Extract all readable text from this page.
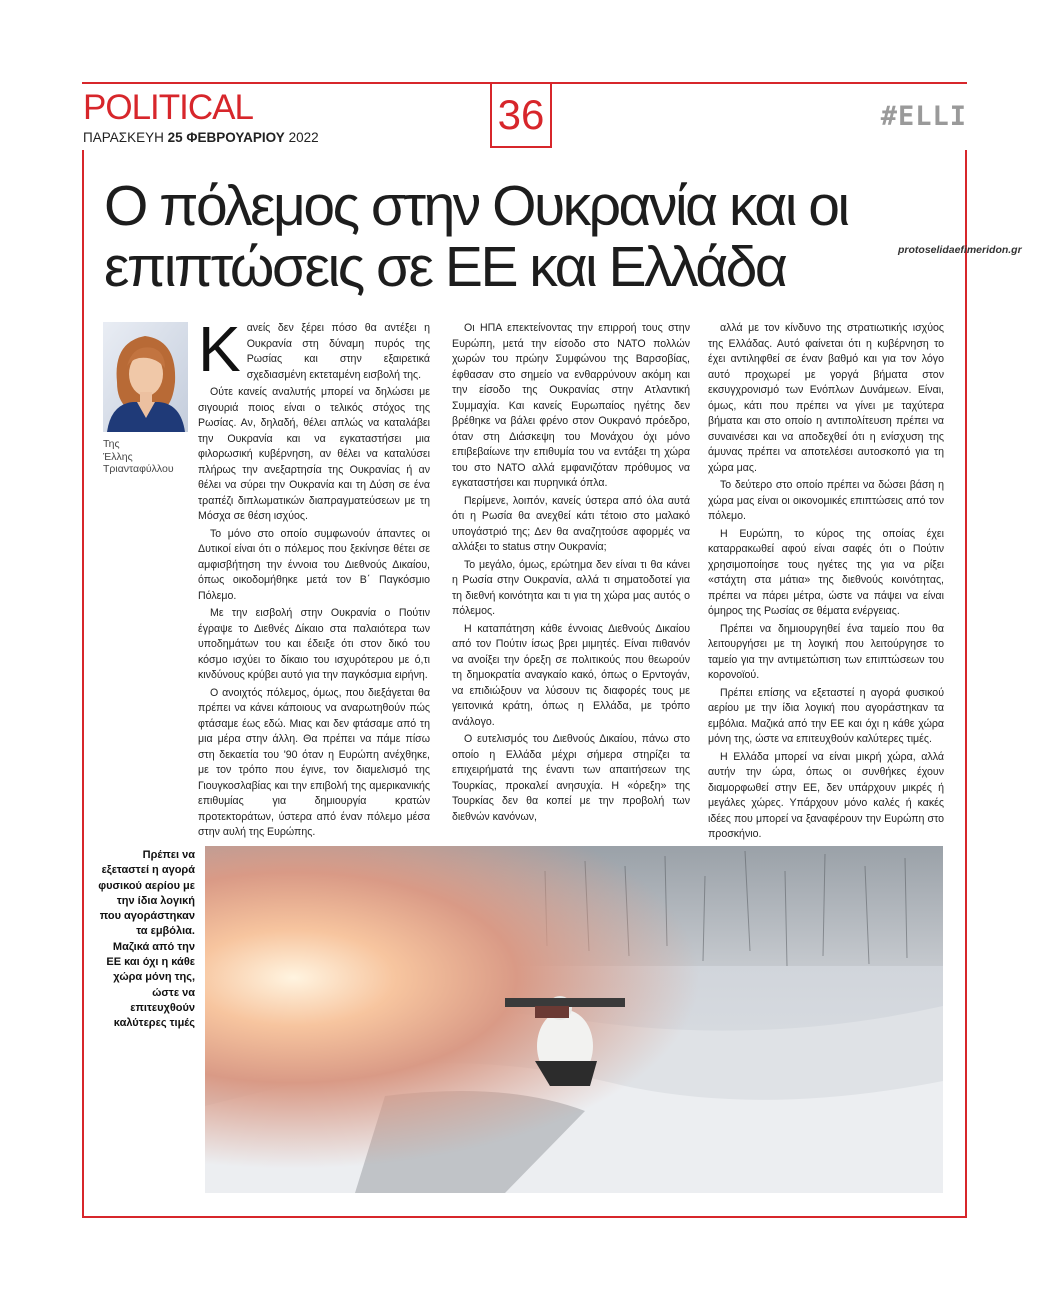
POLITICAL
ΠΑΡΑΣΚΕΥΗ 25 ΦΕΒΡΟΥΑΡΙΟΥ 2022	36	#ELLI
Ο πόλεμος στην Ουκρανία και οι επιπτώσεις σε ΕΕ και Ελλάδα	protoselidaefimeridon.gr
Της
Έλλης
Τριανταφύλλου

Κανείς δεν ξέρει πόσο θα αντέξει η Ουκρανία στη δύναμη πυρός της Ρωσίας και στην εξαιρετικά σχεδιασμένη εκτεταμένη εισβολή της.

Ούτε κανείς αναλυτής μπορεί να δηλώσει με σιγουριά ποιος είναι ο τελικός στόχος της Ρωσίας. Αν, δηλαδή, θέλει απλώς να καταλάβει την Ουκρανία και να εγκαταστήσει μια φιλορωσική κυβέρνηση, αν θέλει να καταλύσει πλήρως την ανεξαρτησία της Ουκρανίας ή αν θέλει να σύρει την Ουκρανία και τη Δύση σε ένα τραπέζι διπλωματικών διαπραγματεύσεων με τη Μόσχα σε θέση ισχύος.

Το μόνο στο οποίο συμφωνούν άπαντες οι Δυτικοί είναι ότι ο πόλεμος που ξεκίνησε θέτει σε αμφισβήτηση την έννοια του Διεθνούς Δικαίου, όπως οικοδομήθηκε μετά τον Β΄ Παγκόσμιο Πόλεμο.

Με την εισβολή στην Ουκρανία ο Πούτιν έγραψε το Διεθνές Δίκαιο στα παλαιότερα των υποδημάτων του και έδειξε ότι στον δικό του κόσμο ισχύει το δίκαιο του ισχυρότερου με ό,τι κινδύνους κρύβει αυτό για την παγκόσμια ειρήνη.

Ο ανοιχτός πόλεμος, όμως, που διεξάγεται θα πρέπει να κάνει κάποιους να αναρωτηθούν πώς φτάσαμε έως εδώ. Μιας και δεν φτάσαμε από τη μια μέρα στην άλλη. Θα πρέπει να πάμε πίσω στη δεκαετία του '90 όταν η Ευρώπη ανέχθηκε, με τον τρόπο που έγινε, τον διαμελισμό της Γιουγκοσλαβίας και την επιβολή της αμερικανικής επιθυμίας για δημιουργία κρατών προτεκτοράτων, ύστερα από έναν πόλεμο μέσα στην αυλή της Ευρώπης.

Οι ΗΠΑ επεκτείνοντας την επιρροή τους στην Ευρώπη, μετά την είσοδο στο ΝΑΤΟ πολλών χωρών του πρώην Συμφώνου της Βαρσοβίας, έφθασαν στο σημείο να ενθαρρύνουν ακόμη και την είσοδο της Ουκρανίας στην Ατλαντική Συμμαχία. Και κανείς Ευρωπαίος ηγέτης δεν βρέθηκε να βάλει φρένο στον Ουκρανό πρόεδρο, όταν στη Διάσκεψη του Μονάχου όχι μόνο επιβεβαίωνε την επιθυμία του να εντάξει τη χώρα του στο ΝΑΤΟ αλλά εμφανιζόταν πρόθυμος να εγκαταστήσει και πυρηνικά όπλα.

Περίμενε, λοιπόν, κανείς ύστερα από όλα αυτά ότι η Ρωσία θα ανεχθεί κάτι τέτοιο στο μαλακό υπογάστριό της; Δεν θα αναζητούσε αφορμές να αλλάξει το status στην Ουκρανία;

Το μεγάλο, όμως, ερώτημα δεν είναι τι θα κάνει η Ρωσία στην Ουκρανία, αλλά τι σηματοδοτεί για τη διεθνή κοινότητα και τι για τη χώρα μας αυτός ο πόλεμος.

Η καταπάτηση κάθε έννοιας Διεθνούς Δικαίου από τον Πούτιν ίσως βρει μιμητές. Είναι πιθανόν να ανοίξει την όρεξη σε πολιτικούς που θεωρούν τη δημοκρατία αναγκαίο κακό, όπως ο Ερντογάν, να επιδιώξουν να λύσουν τις διαφορές τους με γειτονικά κράτη, όπως η Ελλάδα, με τρόπο ανάλογο.

Ο ευτελισμός του Διεθνούς Δικαίου, πάνω στο οποίο η Ελλάδα μέχρι σήμερα στηρίζει τα επιχειρήματά της έναντι των απαιτήσεων της Τουρκίας, προκαλεί ανησυχία. Η «όρεξη» της Τουρκίας δεν θα κοπεί με την προβολή των διεθνών κανόνων,

αλλά με τον κίνδυνο της στρατιωτικής ισχύος της Ελλάδας. Αυτό φαίνεται ότι η κυβέρνηση το έχει αντιληφθεί σε έναν βαθμό και για τον λόγο αυτό προχωρεί με γοργά βήματα στον εκσυγχρονισμό των Ενόπλων Δυνάμεων. Είναι, όμως, κάτι που πρέπει να γίνει με ταχύτερα βήματα και στο οποίο η αντιπολίτευση πρέπει να συναινέσει και να αποδεχθεί ότι η ενίσχυση της άμυνας πρέπει να αποτελέσει αυτοσκοπό για τη χώρα μας.

Το δεύτερο στο οποίο πρέπει να δώσει βάση η χώρα μας είναι οι οικονομικές επιπτώσεις από τον πόλεμο.

Η Ευρώπη, το κύρος της οποίας έχει καταρρακωθεί αφού είναι σαφές ότι ο Πούτιν χρησιμοποίησε τους ηγέτες της για να ρίξει «στάχτη στα μάτια» της διεθνούς κοινότητας, πρέπει να πάρει μέτρα, ώστε να πάψει να είναι όμηρος της Ρωσίας σε θέματα ενέργειας.

Πρέπει να δημιουργηθεί ένα ταμείο που θα λειτουργήσει με τη λογική που λειτούργησε το ταμείο για την αντιμετώπιση των επιπτώσεων του κορονοϊού.

Πρέπει επίσης να εξεταστεί η αγορά φυσικού αερίου με την ίδια λογική που αγοράστηκαν τα εμβόλια. Μαζικά από την ΕΕ και όχι η κάθε χώρα μόνη της, ώστε να επιτευχθούν καλύτερες τιμές.

Η Ελλάδα μπορεί να είναι μικρή χώρα, αλλά αυτήν την ώρα, όπως οι συνθήκες έχουν διαμορφωθεί στην ΕΕ, δεν υπάρχουν μικρές ή μεγάλες χώρες. Υπάρχουν μόνο καλές ή κακές ιδέες που μπορεί να ξαναφέρουν την Ευρώπη στο προσκήνιο.

Πρέπει να εξεταστεί η αγορά φυσικού αερίου με την ίδια λογική που αγοράστηκαν τα εμβόλια. Μαζικά από την ΕΕ και όχι η κάθε χώρα μόνη της, ώστε να επιτευχθούν καλύτερες τιμές
